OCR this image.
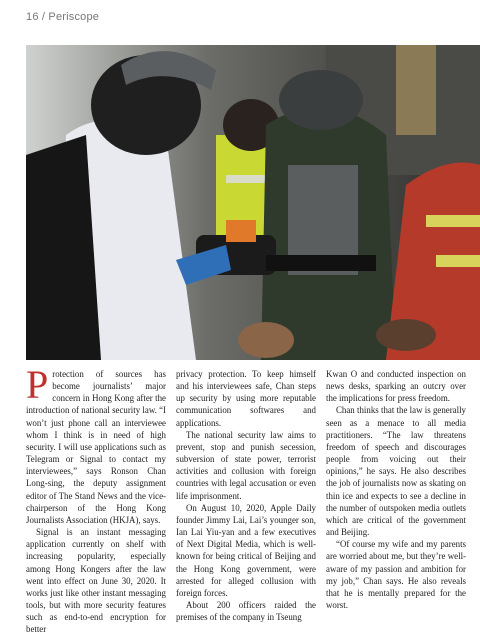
16 / Periscope

Protection of sources has become journalists’ major concern in Hong Kong after the introduction of national security law. “I won’t just phone call an interviewee whom I think is in need of high security. I will use applications such as Telegram or Signal to contact my interviewees,” says Ronson Chan Long-sing, the deputy assignment editor of The Stand News and the vice-chairperson of the Hong Kong Journalists Association (HKJA), says.

Signal is an instant messaging application currently on shelf with increasing popularity, especially among Hong Kongers after the law went into effect on June 30, 2020. It works just like other instant messaging tools, but with more security features such as end-to-end encryption for better

privacy protection. To keep himself and his interviewees safe, Chan steps up security by using more reputable communication softwares and applications.

The national security law aims to prevent, stop and punish secession, subversion of state power, terrorist activities and collusion with foreign countries with legal accusation or even life imprisonment.

On August 10, 2020, Apple Daily founder Jimmy Lai, Lai’s younger son, Ian Lai Yiu-yan and a few executives of Next Digital Media, which is well-known for being critical of Beijing and the Hong Kong government, were arrested for alleged collusion with foreign forces.

About 200 officers raided the premises of the company in Tseung

Kwan O and conducted inspection on news desks, sparking an outcry over the implications for press freedom.

Chan thinks that the law is generally seen as a menace to all media practitioners. “The law threatens freedom of speech and discourages people from voicing out their opinions,” he says. He also describes the job of journalists now as skating on thin ice and expects to see a decline in the number of outspoken media outlets which are critical of the government and Beijing.

“Of course my wife and my parents are worried about me, but they’re well-aware of my passion and ambition for my job,” Chan says. He also reveals that he is mentally prepared for the worst.
